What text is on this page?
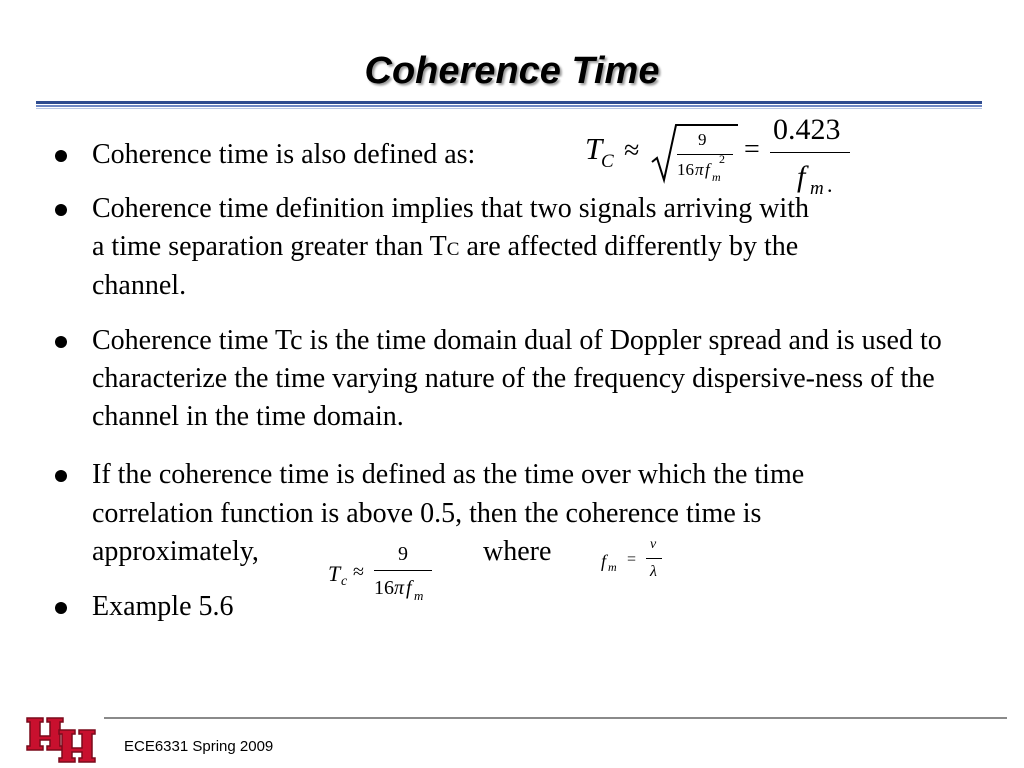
Coherence Time

Coherence time is also defined as:	T
C ≈	9
16 π f m
2 =
0.423
f m .

Coherence time definition implies that two signals arriving with

a time separation greater than TC are affected differently by the

channel.

Coherence time Tc is the time domain dual of Doppler spread and is used to characterize the time varying nature of the frequency dispersive-ness of the channel in the time domain.

If the coherence time is defined as the time over which the time

correlation function is above 0.5, then the coherence time is

approximately,	where

T c ≈
9
16 π f m
f m =
v
λ

Example 5.6

ECE6331 Spring 2009
